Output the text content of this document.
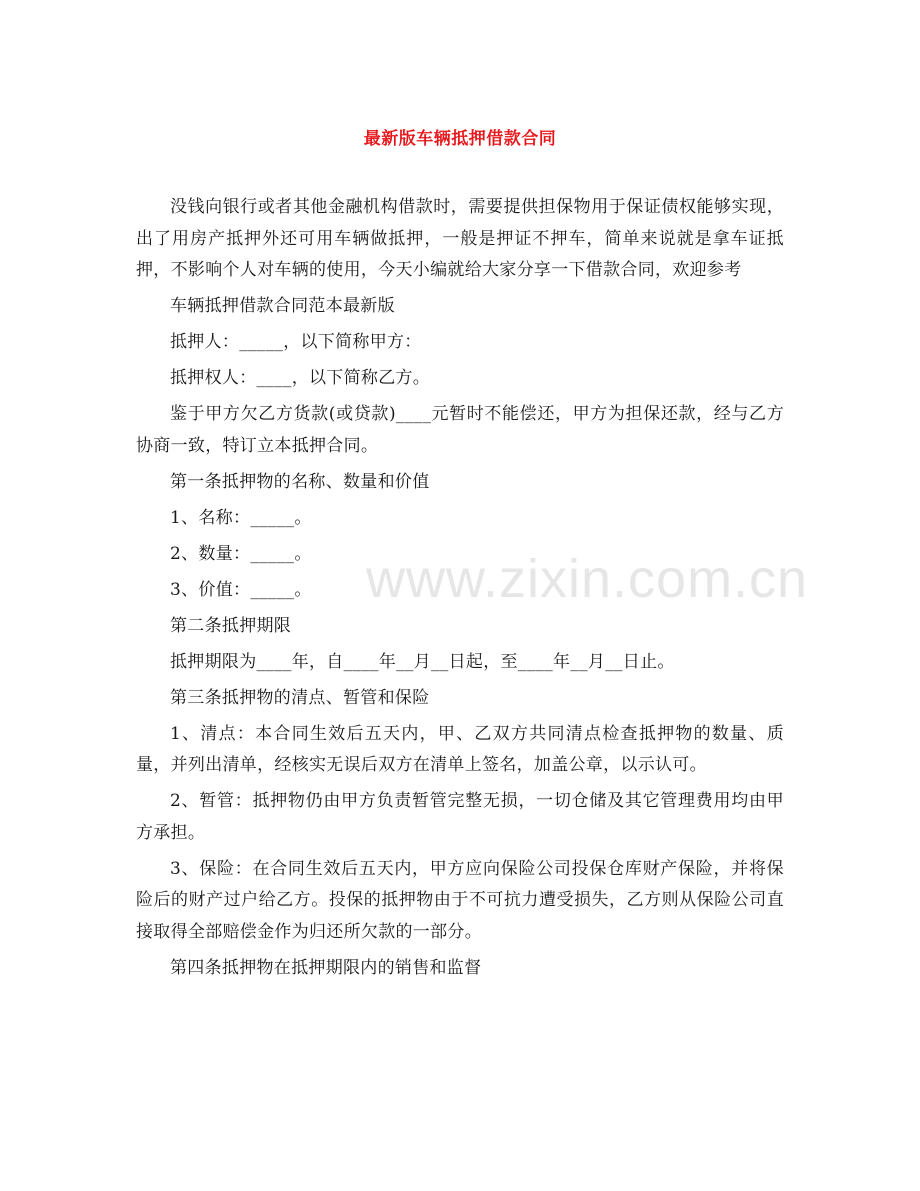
最新版车辆抵押借款合同
www.zixin.com.cn

没钱向银行或者其他金融机构借款时，需要提供担保物用于保证债权能够实现，出了用房产抵押外还可用车辆做抵押，一般是押证不押车，简单来说就是拿车证抵押，不影响个人对车辆的使用，今天小编就给大家分享一下借款合同，欢迎参考

车辆抵押借款合同范本最新版

抵押人：_____，以下简称甲方：

抵押权人：____，以下简称乙方。

鉴于甲方欠乙方货款(或贷款)____元暂时不能偿还，甲方为担保还款，经与乙方协商一致，特订立本抵押合同。

第一条抵押物的名称、数量和价值

1、名称：_____。

2、数量：_____。

3、价值：_____。

第二条抵押期限

抵押期限为____年，自____年__月__日起，至____年__月__日止。

第三条抵押物的清点、暂管和保险

1、清点：本合同生效后五天内，甲、乙双方共同清点检查抵押物的数量、质量，并列出清单，经核实无误后双方在清单上签名，加盖公章，以示认可。

2、暂管：抵押物仍由甲方负责暂管完整无损，一切仓储及其它管理费用均由甲方承担。

3、保险：在合同生效后五天内，甲方应向保险公司投保仓库财产保险，并将保险后的财产过户给乙方。投保的抵押物由于不可抗力遭受损失，乙方则从保险公司直接取得全部赔偿金作为归还所欠款的一部分。

第四条抵押物在抵押期限内的销售和监督
